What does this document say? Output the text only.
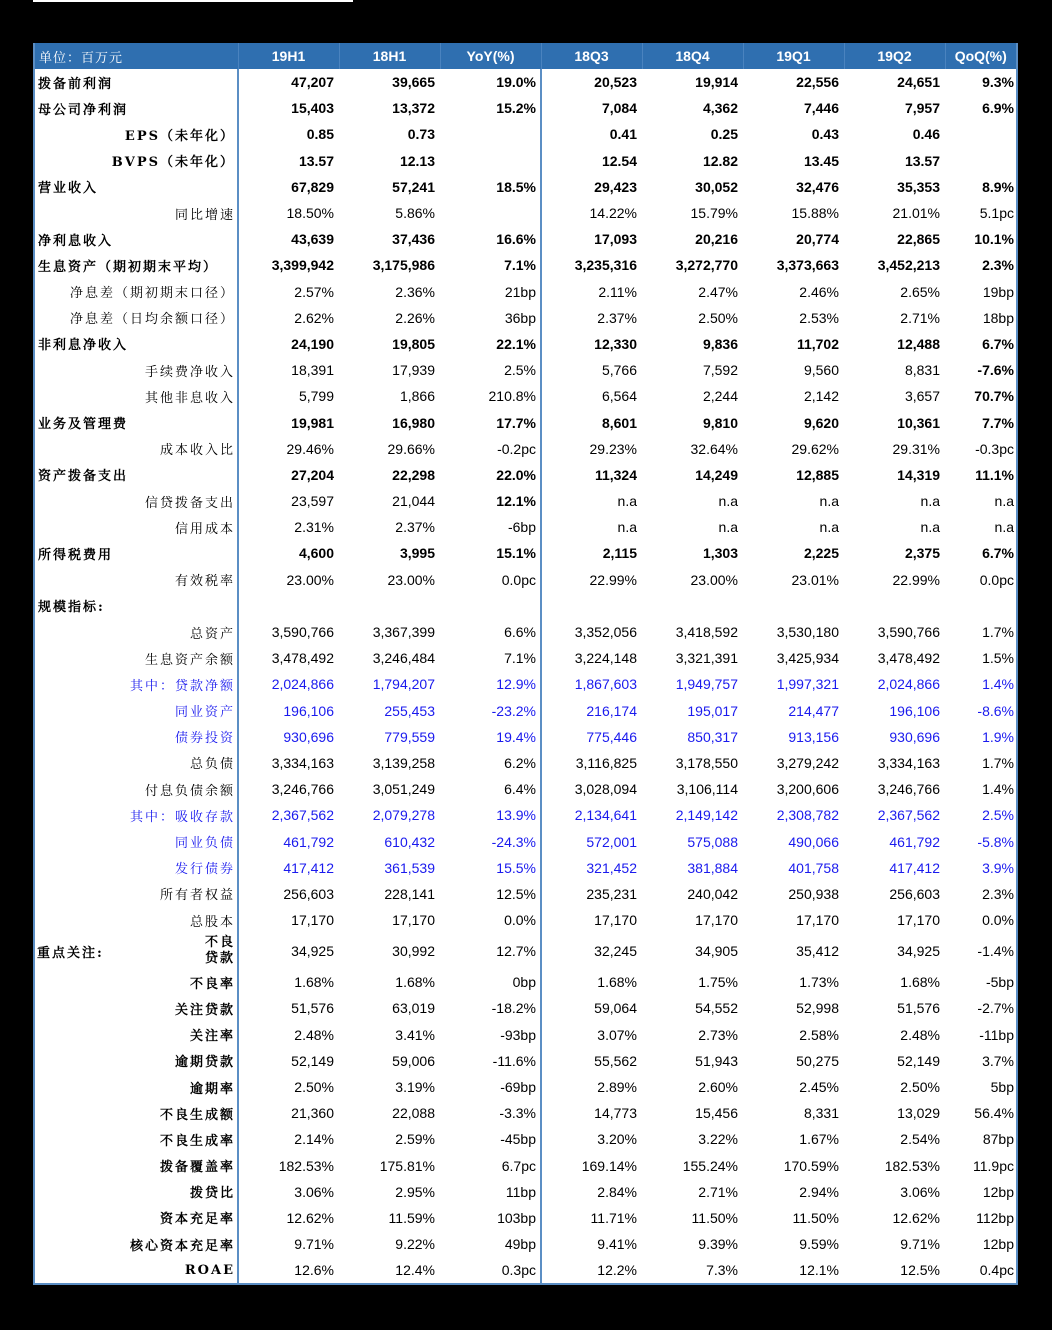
单位：百万元	19H1	18H1	YoY(%)	18Q3	18Q4	19Q1	19Q2	QoQ(%)
拨备前利润	47,207	39,665	19.0%	20,523	19,914	22,556	24,651	9.3%
母公司净利润	15,403	13,372	15.2%	7,084	4,362	7,446	7,957	6.9%
EPS（未年化）	0.85	0.73		0.41	0.25	0.43	0.46	
BVPS（未年化）	13.57	12.13		12.54	12.82	13.45	13.57	
营业收入	67,829	57,241	18.5%	29,423	30,052	32,476	35,353	8.9%
同比增速	18.50%	5.86%		14.22%	15.79%	15.88%	21.01%	5.1pc
净利息收入	43,639	37,436	16.6%	17,093	20,216	20,774	22,865	10.1%
生息资产（期初期末平均）	3,399,942	3,175,986	7.1%	3,235,316	3,272,770	3,373,663	3,452,213	2.3%
净息差（期初期末口径）	2.57%	2.36%	21bp	2.11%	2.47%	2.46%	2.65%	19bp
净息差（日均余额口径）	2.62%	2.26%	36bp	2.37%	2.50%	2.53%	2.71%	18bp
非利息净收入	24,190	19,805	22.1%	12,330	9,836	11,702	12,488	6.7%
手续费净收入	18,391	17,939	2.5%	5,766	7,592	9,560	8,831	-7.6%
其他非息收入	5,799	1,866	210.8%	6,564	2,244	2,142	3,657	70.7%
业务及管理费	19,981	16,980	17.7%	8,601	9,810	9,620	10,361	7.7%
成本收入比	29.46%	29.66%	-0.2pc	29.23%	32.64%	29.62%	29.31%	-0.3pc
资产拨备支出	27,204	22,298	22.0%	11,324	14,249	12,885	14,319	11.1%
信贷拨备支出	23,597	21,044	12.1%	n.a	n.a	n.a	n.a	n.a
信用成本	2.31%	2.37%	-6bp	n.a	n.a	n.a	n.a	n.a
所得税费用	4,600	3,995	15.1%	2,115	1,303	2,225	2,375	6.7%
有效税率	23.00%	23.00%	0.0pc	22.99%	23.00%	23.01%	22.99%	0.0pc
规模指标:								
总资产	3,590,766	3,367,399	6.6%	3,352,056	3,418,592	3,530,180	3,590,766	1.7%
生息资产余额	3,478,492	3,246,484	7.1%	3,224,148	3,321,391	3,425,934	3,478,492	1.5%
其中：贷款净额	2,024,866	1,794,207	12.9%	1,867,603	1,949,757	1,997,321	2,024,866	1.4%
同业资产	196,106	255,453	-23.2%	216,174	195,017	214,477	196,106	-8.6%
债券投资	930,696	779,559	19.4%	775,446	850,317	913,156	930,696	1.9%
总负债	3,334,163	3,139,258	6.2%	3,116,825	3,178,550	3,279,242	3,334,163	1.7%
付息负债余额	3,246,766	3,051,249	6.4%	3,028,094	3,106,114	3,200,606	3,246,766	1.4%
其中：吸收存款	2,367,562	2,079,278	13.9%	2,134,641	2,149,142	2,308,782	2,367,562	2.5%
同业负债	461,792	610,432	-24.3%	572,001	575,088	490,066	461,792	-5.8%
发行债券	417,412	361,539	15.5%	321,452	381,884	401,758	417,412	3.9%
所有者权益	256,603	228,141	12.5%	235,231	240,042	250,938	256,603	2.3%
总股本	17,170	17,170	0.0%	17,170	17,170	17,170	17,170	0.0%

重点关注:
不良贷款	34,925	30,992	12.7%	32,245	34,905	35,412	34,925	-1.4%
不良率	1.68%	1.68%	0bp	1.68%	1.75%	1.73%	1.68%	-5bp
关注贷款	51,576	63,019	-18.2%	59,064	54,552	52,998	51,576	-2.7%
关注率	2.48%	3.41%	-93bp	3.07%	2.73%	2.58%	2.48%	-11bp
逾期贷款	52,149	59,006	-11.6%	55,562	51,943	50,275	52,149	3.7%
逾期率	2.50%	3.19%	-69bp	2.89%	2.60%	2.45%	2.50%	5bp
不良生成额	21,360	22,088	-3.3%	14,773	15,456	8,331	13,029	56.4%
不良生成率	2.14%	2.59%	-45bp	3.20%	3.22%	1.67%	2.54%	87bp
拨备覆盖率	182.53%	175.81%	6.7pc	169.14%	155.24%	170.59%	182.53%	11.9pc
拨贷比	3.06%	2.95%	11bp	2.84%	2.71%	2.94%	3.06%	12bp
资本充足率	12.62%	11.59%	103bp	11.71%	11.50%	11.50%	12.62%	112bp
核心资本充足率	9.71%	9.22%	49bp	9.41%	9.39%	9.59%	9.71%	12bp
ROAE	12.6%	12.4%	0.3pc	12.2%	7.3%	12.1%	12.5%	0.4pc
